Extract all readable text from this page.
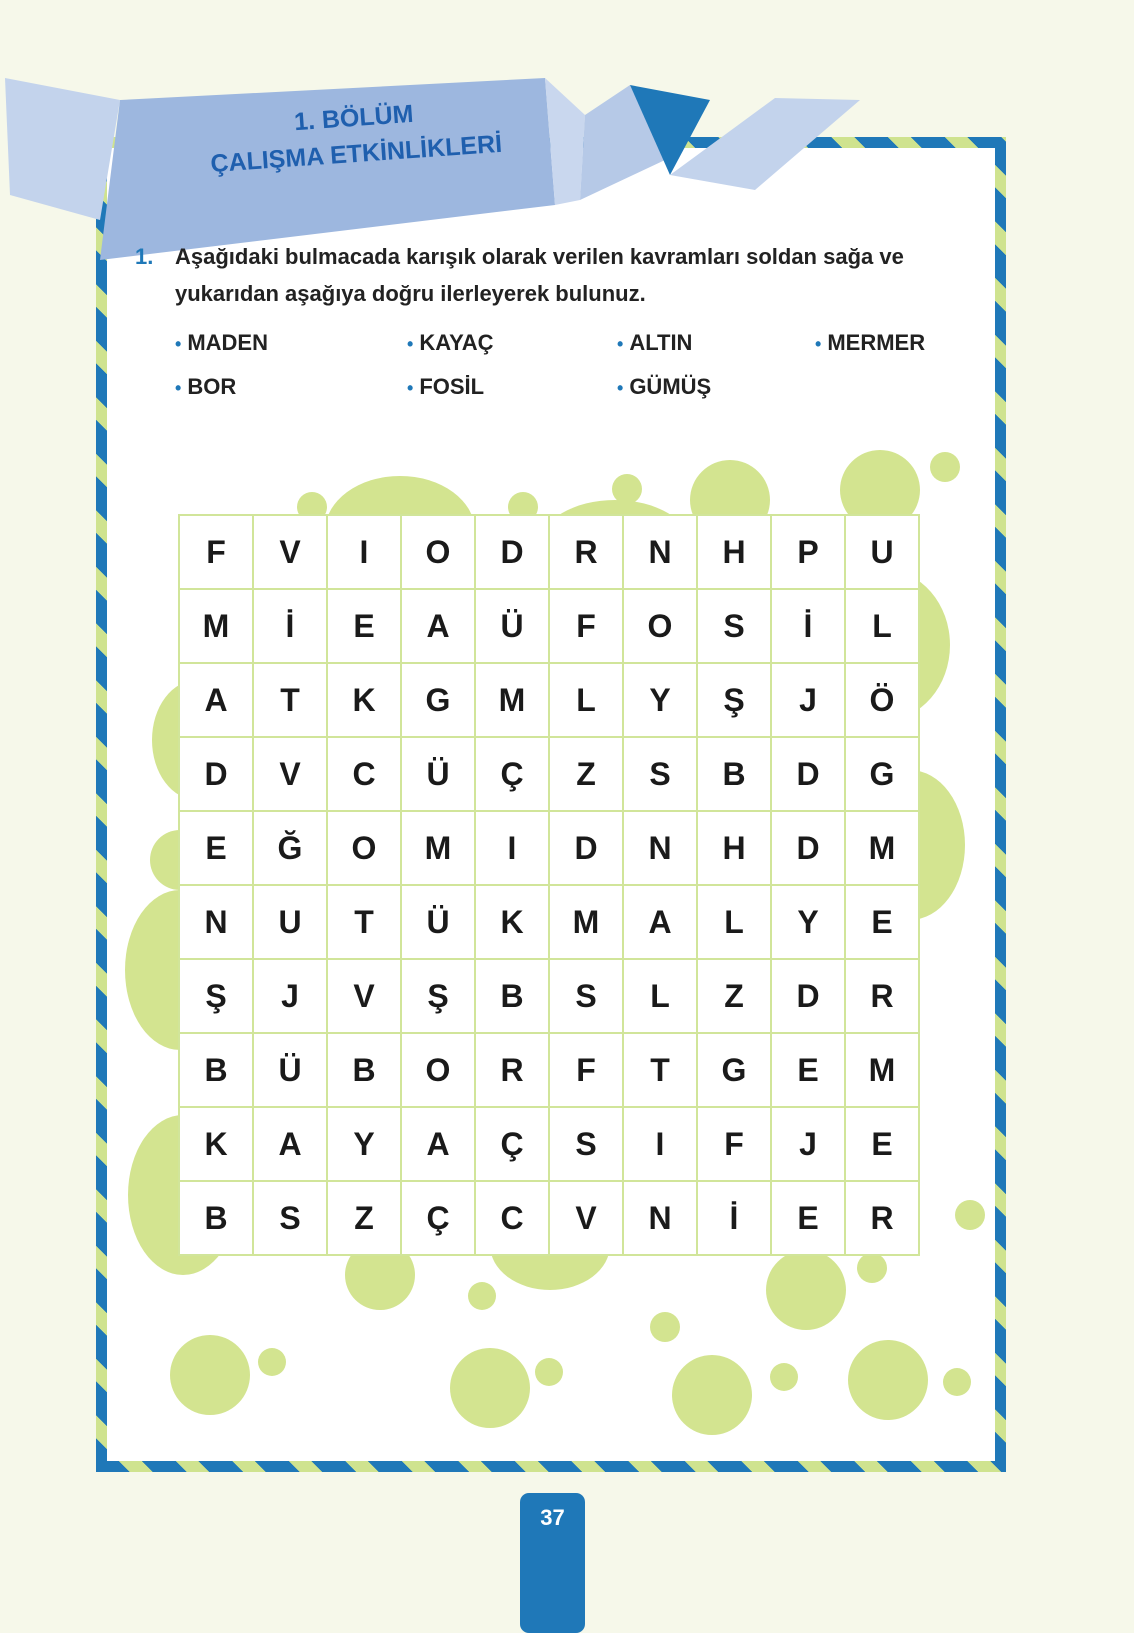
1. BÖLÜM
ÇALIŞMA ETKİNLİKLERİ
1. Aşağıdaki bulmacada karışık olarak verilen kavramları soldan sağa ve yukarıdan aşağıya doğru ilerleyerek bulunuz.
• MADEN	• KAYAÇ	• ALTIN	• MERMER
• BOR	• FOSİL	• GÜMÜŞ
F	V	I	O	D	R	N	H	P	U
M	İ	E	A	Ü	F	O	S	İ	L
A	T	K	G	M	L	Y	Ş	J	Ö
D	V	C	Ü	Ç	Z	S	B	D	G
E	Ğ	O	M	I	D	N	H	D	M
N	U	T	Ü	K	M	A	L	Y	E
Ş	J	V	Ş	B	S	L	Z	D	R
B	Ü	B	O	R	F	T	G	E	M
K	A	Y	A	Ç	S	I	F	J	E
B	S	Z	Ç	C	V	N	İ	E	R
37
